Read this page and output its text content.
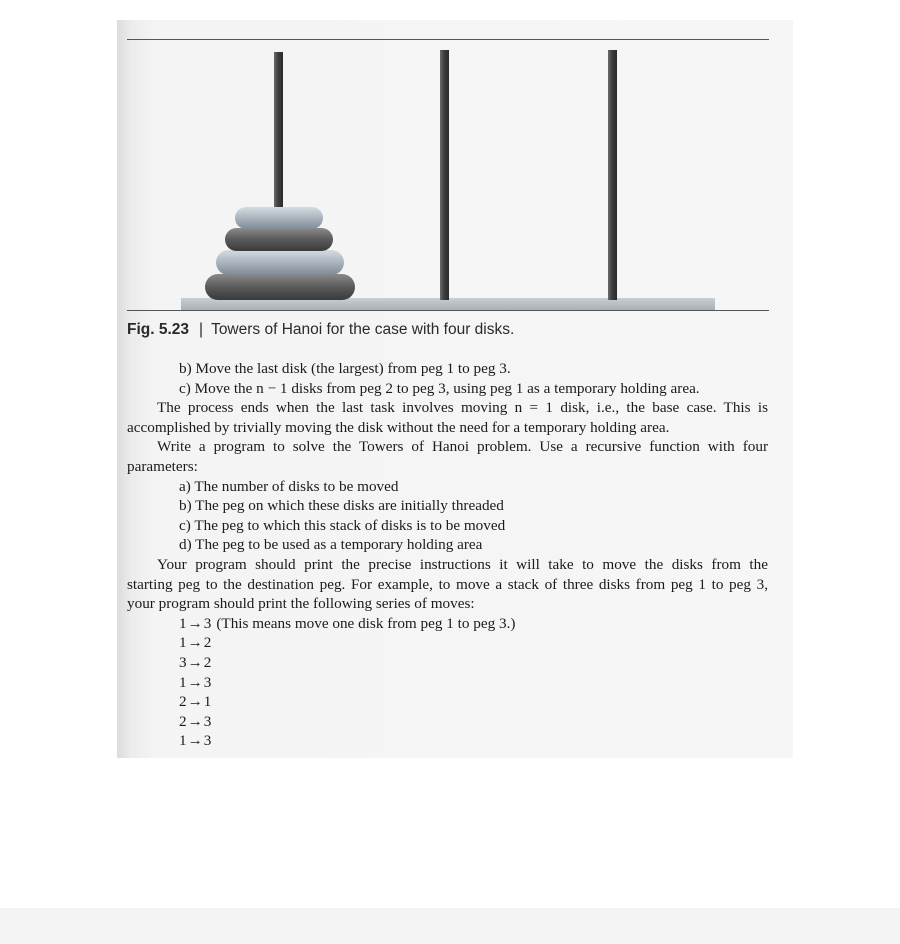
Fig. 5.23 | Towers of Hanoi for the case with four disks.
b) Move the last disk (the largest) from peg 1 to peg 3.
c) Move the n − 1 disks from peg 2 to peg 3, using peg 1 as a temporary holding area.
The process ends when the last task involves moving n = 1 disk, i.e., the base case. This is
accomplished by trivially moving the disk without the need for a temporary holding area.
Write a program to solve the Towers of Hanoi problem. Use a recursive function with four
parameters:
a) The number of disks to be moved
b) The peg on which these disks are initially threaded
c) The peg to which this stack of disks is to be moved
d) The peg to be used as a temporary holding area
Your program should print the precise instructions it will take to move the disks from the
starting peg to the destination peg. For example, to move a stack of three disks from peg 1 to peg 3,
your program should print the following series of moves:
1→3 (This means move one disk from peg 1 to peg 3.)
1→2
3→2
1→3
2→1
2→3
1→3
